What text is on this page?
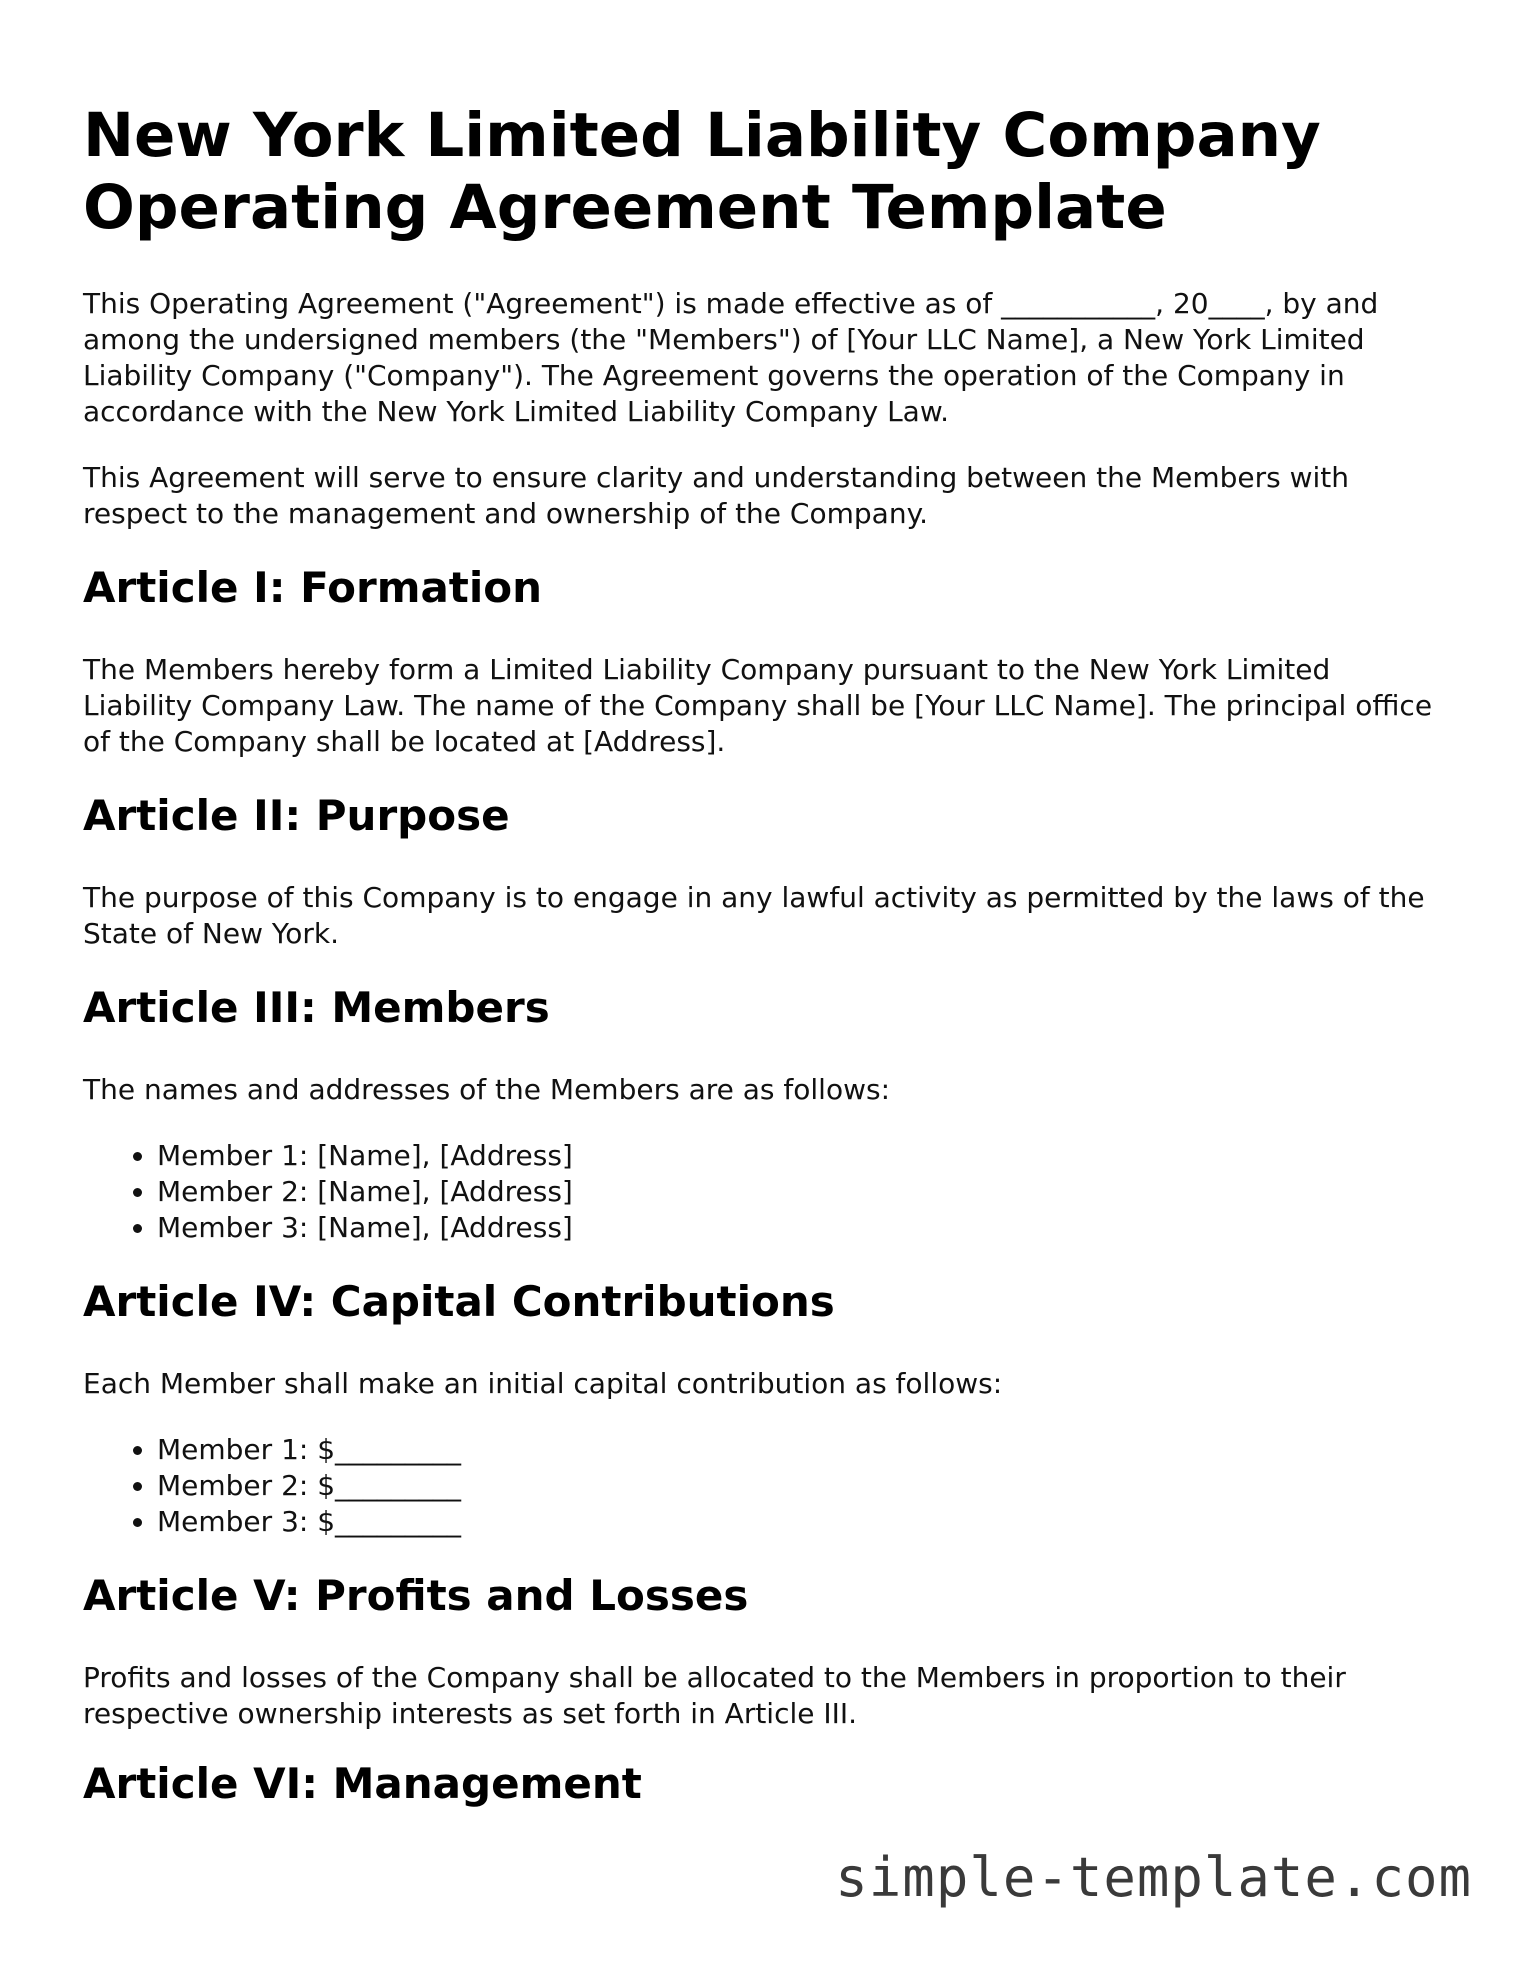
New York Limited Liability Company Operating Agreement Template

This Operating Agreement ("Agreement") is made effective as of ___________, 20____, by and among the undersigned members (the "Members") of [Your LLC Name], a New York Limited Liability Company ("Company"). The Agreement governs the operation of the Company in accordance with the New York Limited Liability Company Law.

This Agreement will serve to ensure clarity and understanding between the Members with respect to the management and ownership of the Company.

Article I: Formation

The Members hereby form a Limited Liability Company pursuant to the New York Limited Liability Company Law. The name of the Company shall be [Your LLC Name]. The principal office of the Company shall be located at [Address].

Article II: Purpose

The purpose of this Company is to engage in any lawful activity as permitted by the laws of the State of New York.

Article III: Members

The names and addresses of the Members are as follows:

• Member 1: [Name], [Address]
• Member 2: [Name], [Address]
• Member 3: [Name], [Address]
Article IV: Capital Contributions

Each Member shall make an initial capital contribution as follows:

• Member 1: $_________
• Member 2: $_________
• Member 3: $_________
Article V: Profits and Losses

Profits and losses of the Company shall be allocated to the Members in proportion to their respective ownership interests as set forth in Article III.

Article VI: Management
simple-template.com
